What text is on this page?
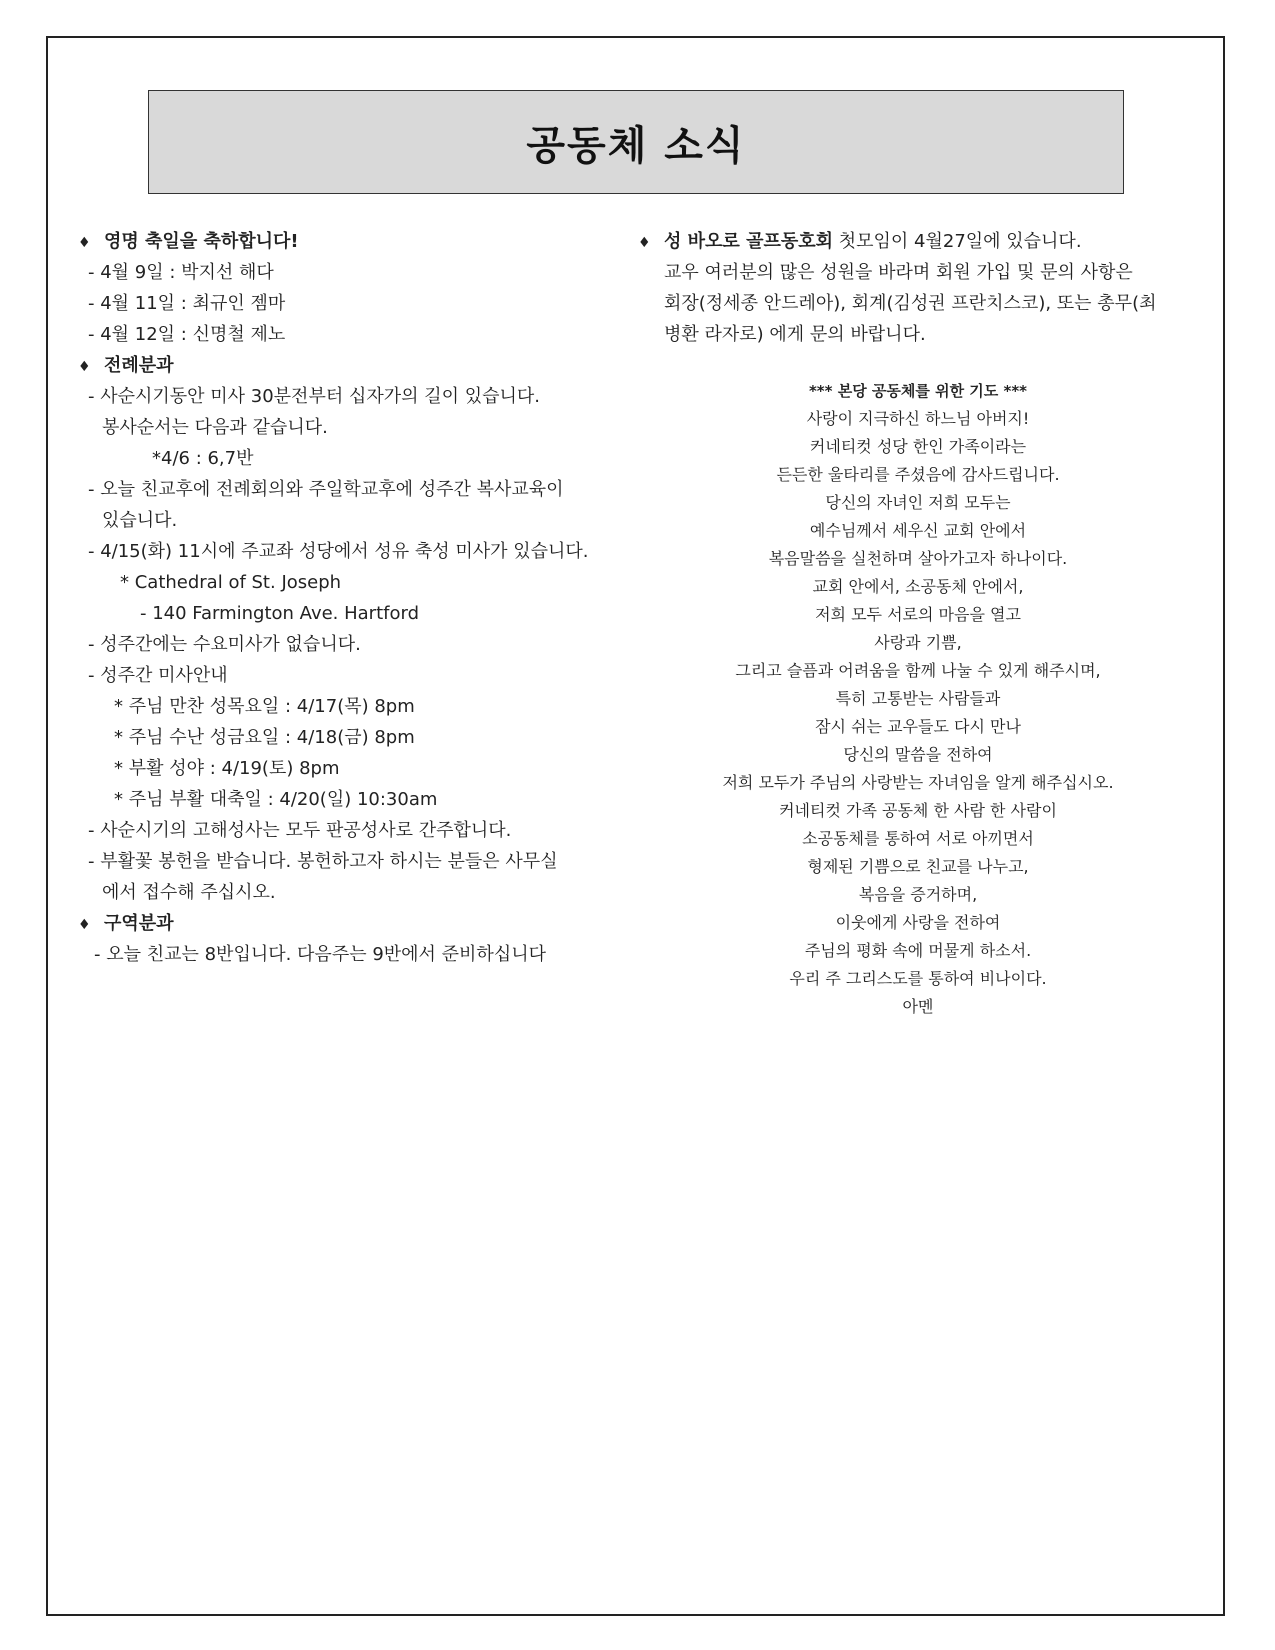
공동체 소식
♦ 영명 축일을 축하합니다!
- 4월 9일 : 박지선 해다
- 4월 11일 : 최규인 젬마
- 4월 12일 : 신명철 제노
♦ 전례분과
- 사순시기동안 미사 30분전부터 십자가의 길이 있습니다.
봉사순서는 다음과 같습니다.
*4/6 : 6,7반
- 오늘 친교후에 전례회의와 주일학교후에 성주간 복사교육이
있습니다.
- 4/15(화) 11시에 주교좌 성당에서 성유 축성 미사가 있습니다.
* Cathedral of St. Joseph
- 140 Farmington Ave. Hartford
- 성주간에는 수요미사가 없습니다.
- 성주간 미사안내
* 주님 만찬 성목요일 : 4/17(목) 8pm
* 주님 수난 성금요일 : 4/18(금) 8pm
* 부활 성야 : 4/19(토) 8pm
* 주님 부활 대축일 : 4/20(일) 10:30am
- 사순시기의 고해성사는 모두 판공성사로 간주합니다.
- 부활꽃 봉헌을 받습니다. 봉헌하고자 하시는 분들은 사무실
에서 접수해 주십시오.
♦ 구역분과
- 오늘 친교는 8반입니다. 다음주는 9반에서 준비하십니다
♦ 성 바오로 골프동호회 첫모임이 4월27일에 있습니다.
교우 여러분의 많은 성원을 바라며 회원 가입 및 문의 사항은
회장(정세종 안드레아), 회계(김성권 프란치스코), 또는 총무(최
병환 라자로) 에게 문의 바랍니다.
*** 본당 공동체를 위한 기도 ***
사랑이 지극하신 하느님 아버지!
커네티컷 성당 한인 가족이라는
든든한 울타리를 주셨음에 감사드립니다.
당신의 자녀인 저희 모두는
예수님께서 세우신 교회 안에서
복음말씀을 실천하며 살아가고자 하나이다.
교회 안에서, 소공동체 안에서,
저희 모두 서로의 마음을 열고
사랑과 기쁨,
그리고 슬픔과 어려움을 함께 나눌 수 있게 해주시며,
특히 고통받는 사람들과
잠시 쉬는 교우들도 다시 만나
당신의 말씀을 전하여
저희 모두가 주님의 사랑받는 자녀임을 알게 해주십시오.
커네티컷 가족 공동체 한 사람 한 사람이
소공동체를 통하여 서로 아끼면서
형제된 기쁨으로 친교를 나누고,
복음을 증거하며,
이웃에게 사랑을 전하여
주님의 평화 속에 머물게 하소서.
우리 주 그리스도를 통하여 비나이다.
아멘
